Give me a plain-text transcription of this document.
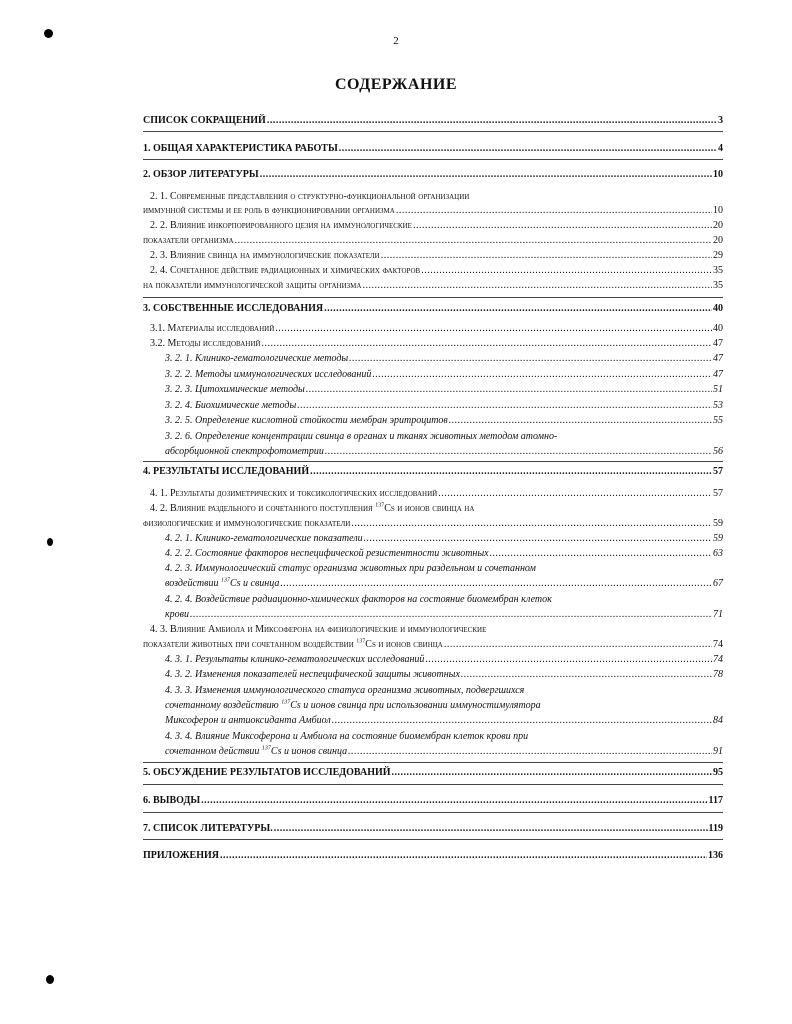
2
СОДЕРЖАНИЕ
СПИСОК СОКРАЩЕНИЙ .....	3
1. ОБЩАЯ ХАРАКТЕРИСТИКА РАБОТЫ .....	4
2. ОБЗОР ЛИТЕРАТУРЫ .....	10
2. 1. Современные представления о структурно-функциональной организации
иммунной системы и ее роль в функционировании организма .....	10
2. 2. Влияние инкорпорированного цезия на иммунологические .....	20
показатели организма .....	20
2. 3. Влияние свинца на иммунологические показатели .....	29
2. 4. Сочетанное действие радиационных и химических факторов .....	35
на показатели иммунологической защиты организма .....	35
3. СОБСТВЕННЫЕ ИССЛЕДОВАНИЯ .....	40
3.1. Материалы исследований .....	40
3.2. Методы исследований .....	47
3. 2. 1. Клинико-гематологические методы .....	47
3. 2. 2. Методы иммунологических исследований .....	47
3. 2. 3. Цитохимические методы .....	51
3. 2. 4. Биохимические методы .....	53
3. 2. 5. Определение кислотной стойкости мембран эритроцитов .....	55
3. 2. 6. Определение концентрации свинца в органах и тканях животных методом атомно-
абсорбционной спектрофотометрии .....	56
4. РЕЗУЛЬТАТЫ ИССЛЕДОВАНИЙ .....	57
4. 1. Результаты дозиметрических и токсикологических исследований .....	57
4. 2. Влияние раздельного и сочетанного поступления $^{137}$Cs и ионов свинца на
физиологические и иммунологические показатели .....	59
4. 2. 1. Клинико-гематологические показатели .....	59
4. 2. 2. Состояние факторов неспецифической резистентности животных .....	63
4. 2. 3. Иммунологический статус организма животных при раздельном и сочетанном
воздействии $^{137}$Cs и свинца .....	67
4. 2. 4. Воздействие радиационно-химических факторов на состояние биомембран клеток
крови .....	71
4. 3. Влияние Амбиола и Миксоферона на физиологические и иммунологические
показатели животных при сочетанном воздействии $^{137}$Cs и ионов свинца .....	74
4. 3. 1. Результаты клинико-гематологических исследований .....	74
4. 3. 2. Изменения показателей неспецифической защиты животных .....	78
4. 3. 3. Изменения иммунологического статуса организма животных, подвергшихся
сочетанному воздействию $^{137}$Cs и ионов свинца при использовании иммуностимулятора
Миксоферон и антиоксиданта Амбиол .....	84
4. 3. 4. Влияние Миксоферона и Амбиола на состояние биомембран клеток крови при
сочетанном действии $^{137}$Cs и ионов свинца .....	91
5. ОБСУЖДЕНИЕ РЕЗУЛЬТАТОВ ИССЛЕДОВАНИЙ .....	95
6. ВЫВОДЫ .....	117
7. СПИСОК ЛИТЕРАТУРЫ. .....	119
ПРИЛОЖЕНИЯ .....	136
